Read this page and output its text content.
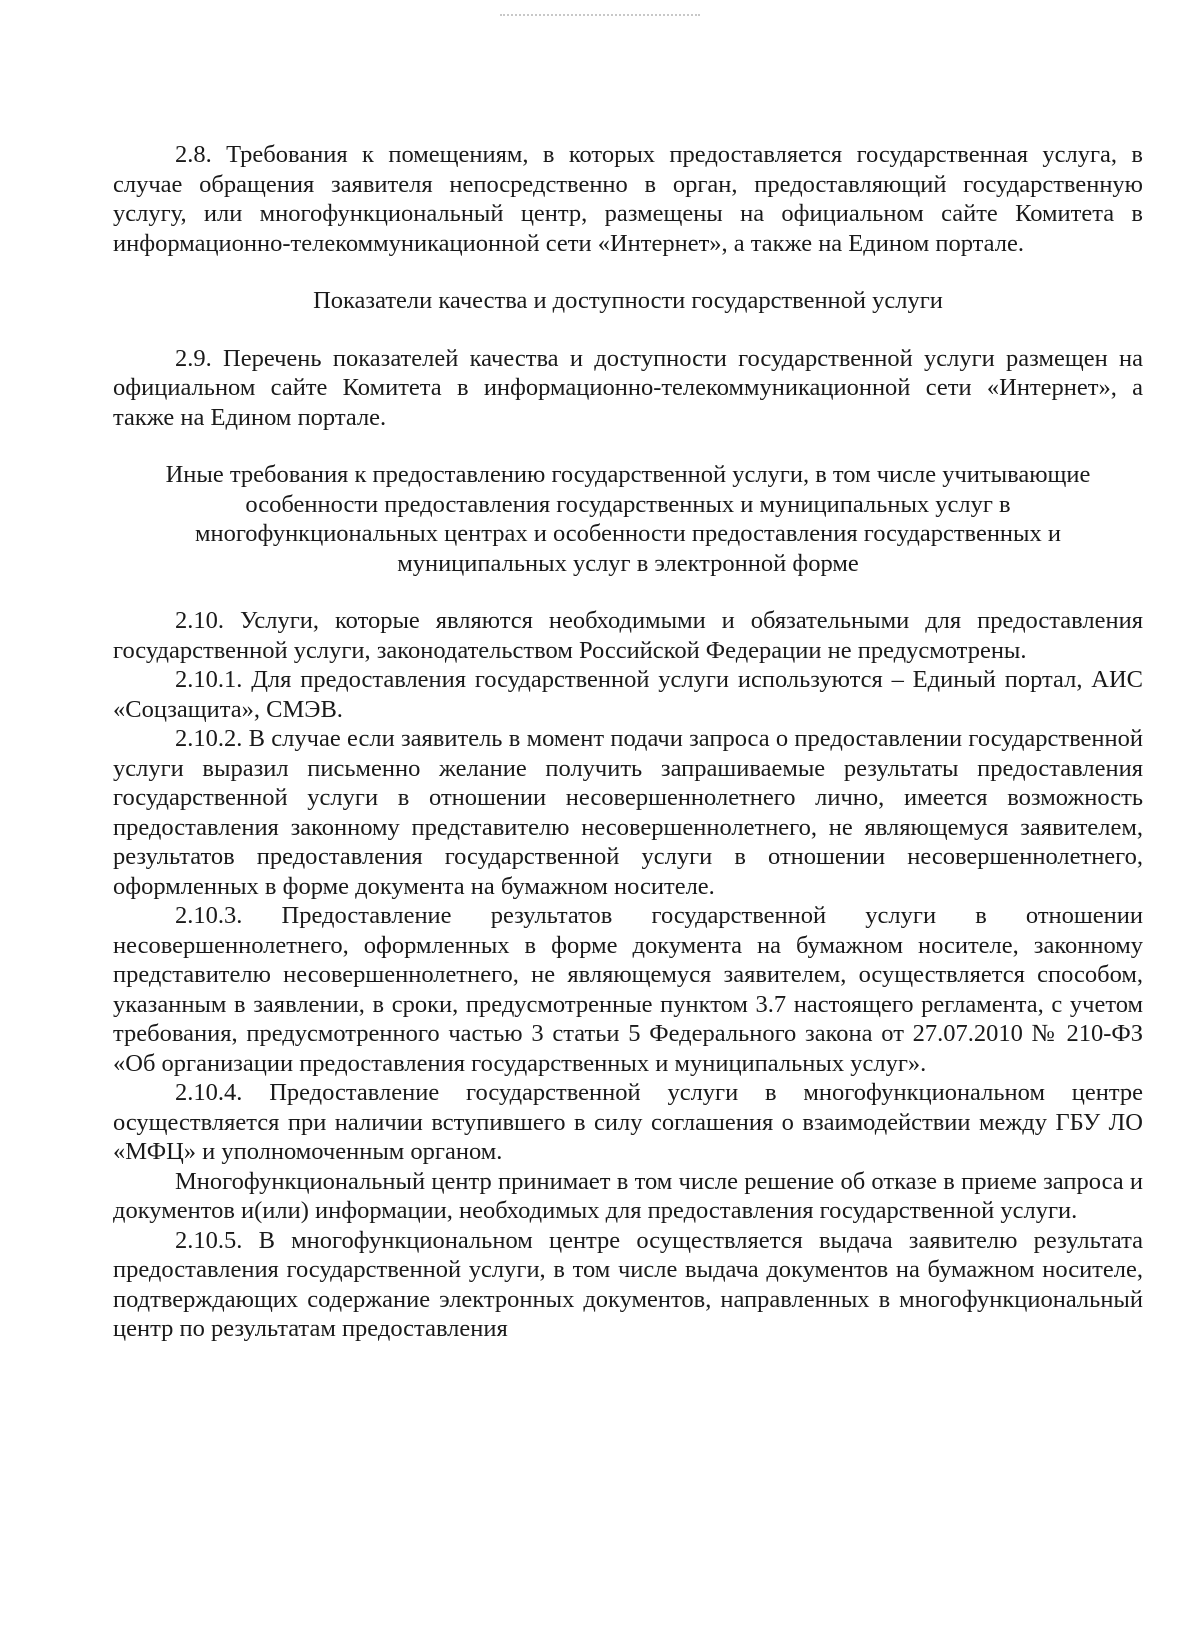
2.8. Требования к помещениям, в которых предоставляется государственная услуга, в случае обращения заявителя непосредственно в орган, предоставляющий государственную услугу, или многофункциональный центр, размещены на официальном сайте Комитета в информационно-телекоммуникационной сети «Интернет», а также на Едином портале.

Показатели качества и доступности государственной услуги

2.9. Перечень показателей качества и доступности государственной услуги размещен на официальном сайте Комитета в информационно-телекоммуникационной сети «Интернет», а также на Едином портале.

Иные требования к предоставлению государственной услуги, в том числе учитывающие особенности предоставления государственных и муниципальных услуг в многофункциональных центрах и особенности предоставления государственных и муниципальных услуг в электронной форме

2.10. Услуги, которые являются необходимыми и обязательными для предоставления государственной услуги, законодательством Российской Федерации не предусмотрены.

2.10.1. Для предоставления государственной услуги используются – Единый портал, АИС «Соцзащита», СМЭВ.

2.10.2. В случае если заявитель в момент подачи запроса о предоставлении государственной услуги выразил письменно желание получить запрашиваемые результаты предоставления государственной услуги в отношении несовершеннолетнего лично, имеется возможность предоставления законному представителю несовершеннолетнего, не являющемуся заявителем, результатов предоставления государственной услуги в отношении несовершеннолетнего, оформленных в форме документа на бумажном носителе.

2.10.3. Предоставление результатов государственной услуги в отношении несовершеннолетнего, оформленных в форме документа на бумажном носителе, законному представителю несовершеннолетнего, не являющемуся заявителем, осуществляется способом, указанным в заявлении, в сроки, предусмотренные пунктом 3.7 настоящего регламента, с учетом требования, предусмотренного частью 3 статьи 5 Федерального закона от 27.07.2010 № 210-ФЗ «Об организации предоставления государственных и муниципальных услуг».

2.10.4. Предоставление государственной услуги в многофункциональном центре осуществляется при наличии вступившего в силу соглашения о взаимодействии между ГБУ ЛО «МФЦ» и уполномоченным органом.

Многофункциональный центр принимает в том числе решение об отказе в приеме запроса и документов и(или) информации, необходимых для предоставления государственной услуги.

2.10.5. В многофункциональном центре осуществляется выдача заявителю результата предоставления государственной услуги, в том числе выдача документов на бумажном носителе, подтверждающих содержание электронных документов, направленных в многофункциональный центр по результатам предоставления
